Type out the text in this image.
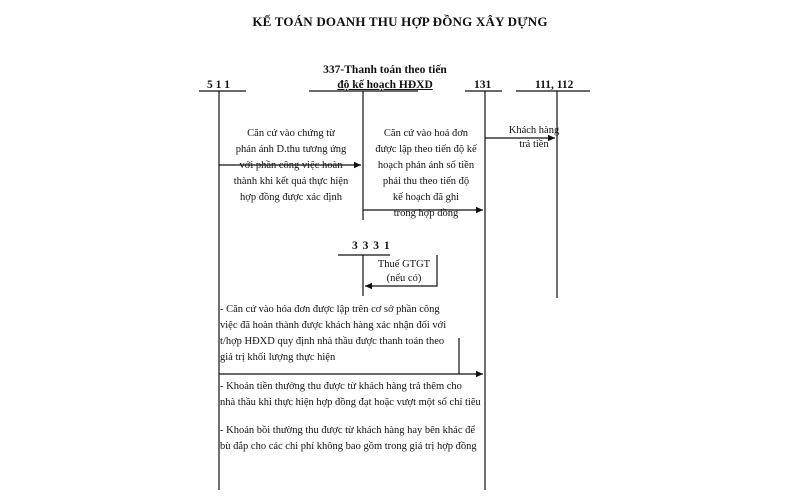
KẾ TOÁN DOANH THU HỢP ĐỒNG XÂY DỰNG
337-Thanh toán theo tiến
độ kế hoạch HĐXD
5 1 1	131	111, 112
3 3 3 1
Căn cứ vào chứng từ
phản ánh D.thu tương ứng
với phần công việc hoàn
thành khi kết quả thực hiện
hợp đồng được xác định
Căn cứ vào hoá đơn
được lập theo tiến độ kế
hoạch phản ánh số tiền
phải thu theo tiến độ
kế hoạch đã ghi
trong hợp đồng
Khách hàng
trả tiền
Thuế GTGT
(nếu có)
- Căn cứ vào hóa đơn được lập trên cơ sở phần công
việc đã hoàn thành được khách hàng xác nhận đối với
t/hợp HĐXD quy định nhà thầu được thanh toán theo
giá trị khối lượng thực hiện
- Khoản tiền thưởng thu được từ khách hàng trả thêm cho
nhà thầu khi thực hiện hợp đồng đạt hoặc vượt một số chỉ tiêu
- Khoản bồi thường thu được từ khách hàng hay bên khác để
bù đắp cho các chi phí không bao gồm trong giá trị hợp đồng
